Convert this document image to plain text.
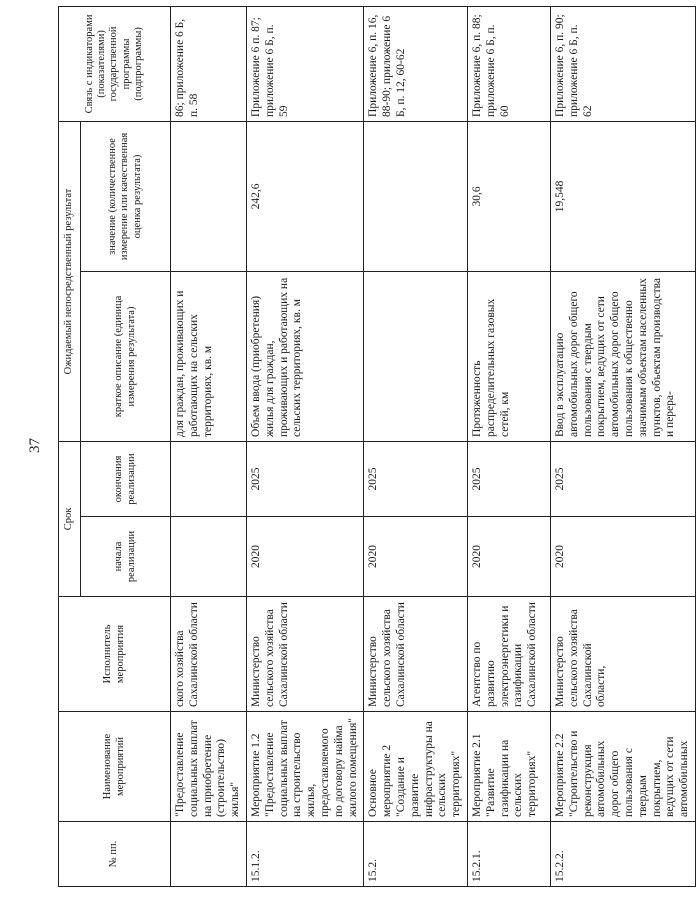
37
№ пп.	Наименование мероприятий	Исполнитель мероприятия	Срок		Ожидаемый непосредственный результат		Связь с индикаторами (показателями) государственной программы (подпрограммы)
			начала реализации	окончания реализации	краткое описание (единица измерения результата)	значение (количественное измерение или качественная оценка результата)	
	"Предоставление социальных выплат на приобретение (строительство) жилья"	ского хозяйства Сахалинской области			для граждан, проживающих и работающих на сельских территориях, кв. м		86; приложение 6 Б, п. 58
15.1.2.	Мероприятие 1.2 "Предоставление социальных выплат на строительство жилья, предоставляемого по договору найма жилого помещения"	Министерство сельского хозяйства Сахалинской области	2020	2025	Объем ввода (приобретения) жилья для граждан, проживающих и работающих на сельских территориях, кв. м	242,6	Приложение 6 п. 87; приложение 6 Б, п. 59
15.2.	Основное мероприятие 2 "Создание и развитие инфраструктуры на сельских территориях"	Министерство сельского хозяйства Сахалинской области	2020	2025			Приложение 6, п. 16, 88-90; приложение 6 Б, п. 12, 60-62
15.2.1.	Мероприятие 2.1 "Развитие газификации на сельских территориях"	Агентство по развитию электроэнергетики и газификации Сахалинской области	2020	2025	Протяженность распределительных газовых сетей, км	30,6	Приложение 6, п. 88; приложение 6 Б, п. 60
15.2.2.	Мероприятие 2.2 "Строительство и реконструкция автомобильных дорог общего пользования с твердым покрытием, ведущих от сети автомобильных	Министерство сельского хозяйства Сахалинской области,	2020	2025	Ввод в эксплуатацию автомобильных дорог общего пользования с твердым покрытием, ведущих от сети автомобильных дорог общего пользования к общественно значимым объектам населенных пунктов, объектам производства и перера-	19,548	Приложение 6, п. 90; приложение 6 Б, п. 62
